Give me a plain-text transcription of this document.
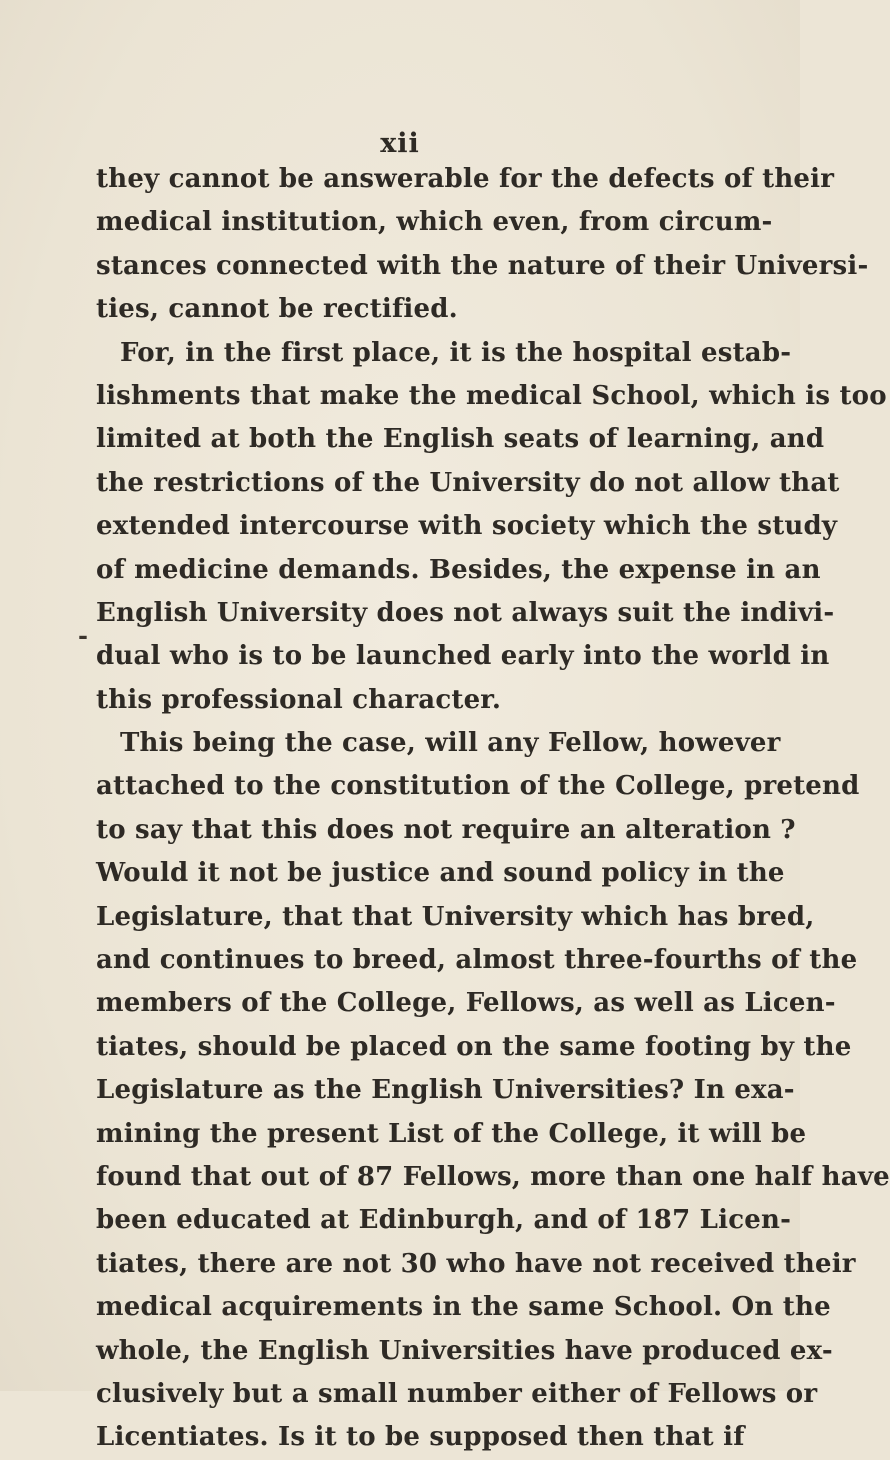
xii
-
they cannot be answerable for the defects of their
medical institution, which even, from circum-
stances connected with the nature of their Universi-
ties, cannot be rectified.
For, in the first place, it is the hospital estab-
lishments that make the medical School, which is too
limited at both the English seats of learning, and
the restrictions of the University do not allow that
extended intercourse with society which the study
of medicine demands. Besides, the expense in an
English University does not always suit the indivi-
dual who is to be launched early into the world in
this professional character.
This being the case, will any Fellow, however
attached to the constitution of the College, pretend
to say that this does not require an alteration ?
Would it not be justice and sound policy in the
Legislature, that that University which has bred,
and continues to breed, almost three-fourths of the
members of the College, Fellows, as well as Licen-
tiates, should be placed on the same footing by the
Legislature as the English Universities? In exa-
mining the present List of the College, it will be
found that out of 87 Fellows, more than one half have
been educated at Edinburgh, and of 187 Licen-
tiates, there are not 30 who have not received their
medical acquirements in the same School. On the
whole, the English Universities have produced ex-
clusively but a small number either of Fellows or
Licentiates. Is it to be supposed then that if
